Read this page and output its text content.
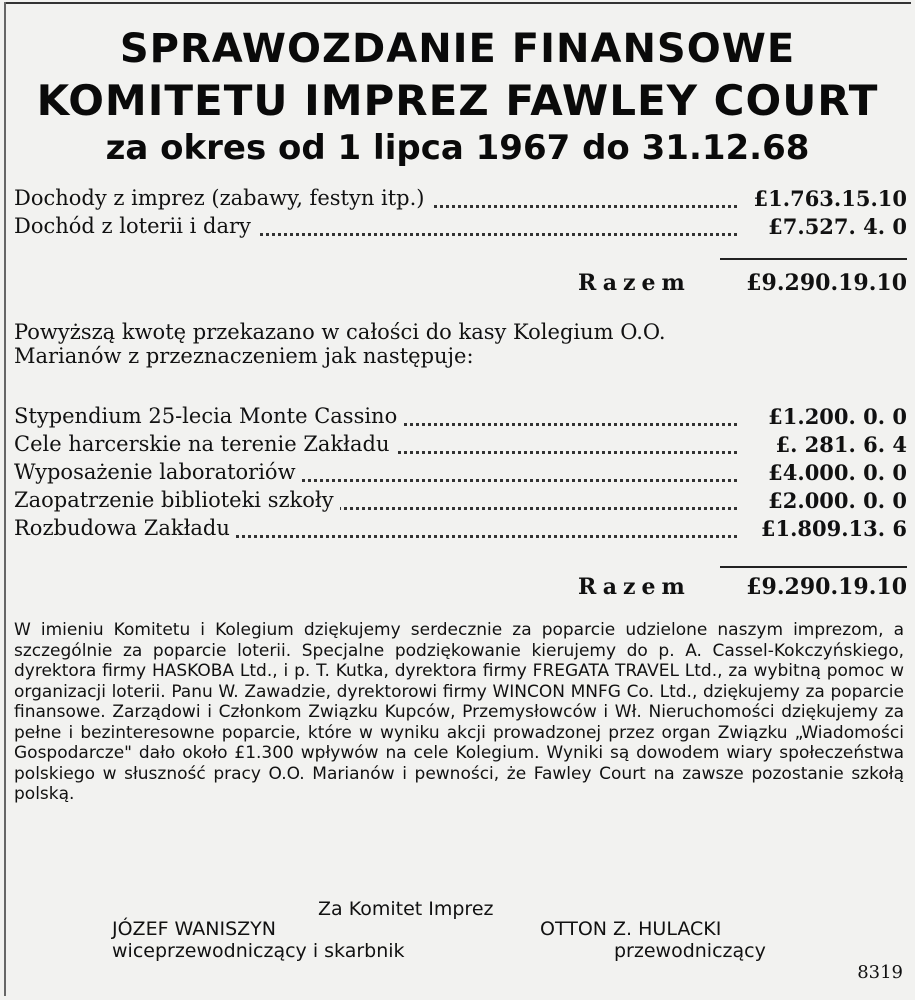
SPRAWOZDANIE FINANSOWE
KOMITETU IMPREZ FAWLEY COURT
za okres od 1 lipca 1967 do 31.12.68
Dochody z imprez (zabawy, festyn itp.)	£1.763.15.10
Dochód z loterii i dary	£7.527. 4. 0
Razem	£9.290.19.10
Powyższą kwotę przekazano w całości do kasy Kolegium O.O. Marianów z przeznaczeniem jak następuje:
Stypendium 25-lecia Monte Cassino	£1.200. 0. 0
Cele harcerskie na terenie Zakładu	£. 281. 6. 4
Wyposażenie laboratoriów	£4.000. 0. 0
Zaopatrzenie biblioteki szkoły	£2.000. 0. 0
Rozbudowa Zakładu	£1.809.13. 6
Razem	£9.290.19.10
W imieniu Komitetu i Kolegium dziękujemy serdecznie za poparcie udzielone naszym imprezom, a szczególnie za poparcie loterii. Specjalne podziękowanie kierujemy do p. A. Cassel-Kokczyńskiego, dyrektora firmy HASKOBA Ltd., i p. T. Kutka, dyrektora firmy FREGATA TRAVEL Ltd., za wybitną pomoc w organizacji loterii. Panu W. Zawadzie, dyrektorowi firmy WINCON MNFG Co. Ltd., dziękujemy za poparcie finansowe. Zarządowi i Członkom Związku Kupców, Przemysłowców i Wł. Nieruchomości dziękujemy za pełne i bezinteresowne poparcie, które w wyniku akcji prowadzonej przez organ Związku „Wiadomości Gospodarcze" dało około £1.300 wpływów na cele Kolegium. Wyniki są dowodem wiary społeczeństwa polskiego w słuszność pracy O.O. Marianów i pewności, że Fawley Court na zawsze pozostanie szkołą polską.
Za Komitet Imprez
JÓZEF WANISZYN
wiceprzewodniczący i skarbnik
OTTON Z. HULACKI
przewodniczący
8319
